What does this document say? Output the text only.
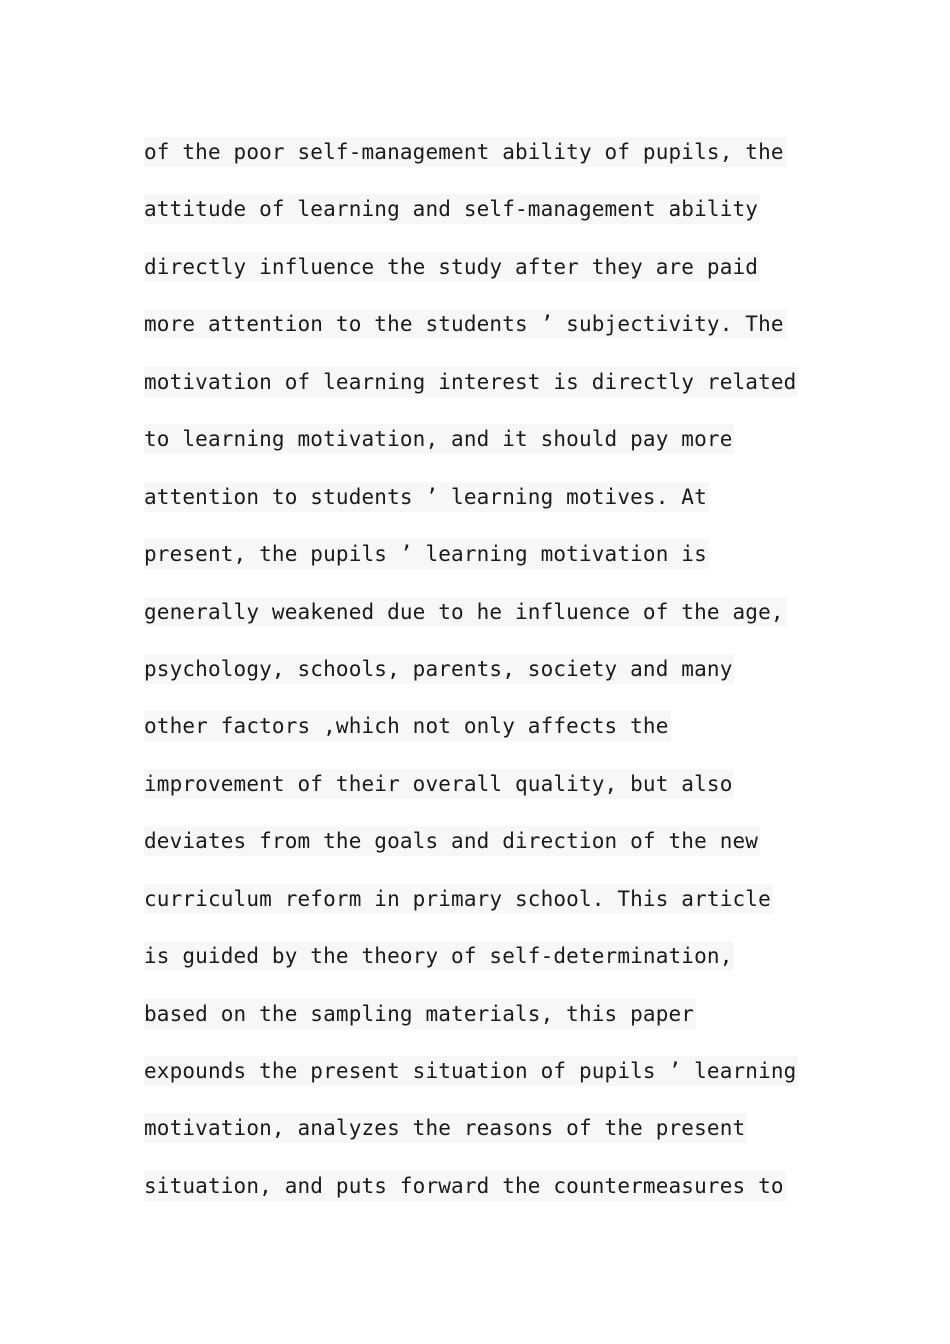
of the poor self-management ability of pupils, the
attitude of learning and self-management ability
directly influence the study after they are paid
more attention to the students ’ subjectivity. The
motivation of learning interest is directly related
to learning motivation, and it should pay more
attention to students ’ learning motives. At
present, the pupils ’ learning motivation is
generally weakened due to he influence of the age,
psychology, schools, parents, society and many
other factors ,which not only affects the
improvement of their overall quality, but also
deviates from the goals and direction of the new
curriculum reform in primary school. This article
is guided by the theory of self-determination,
based on the sampling materials, this paper
expounds the present situation of pupils ’ learning
motivation, analyzes the reasons of the present
situation, and puts forward the countermeasures to
